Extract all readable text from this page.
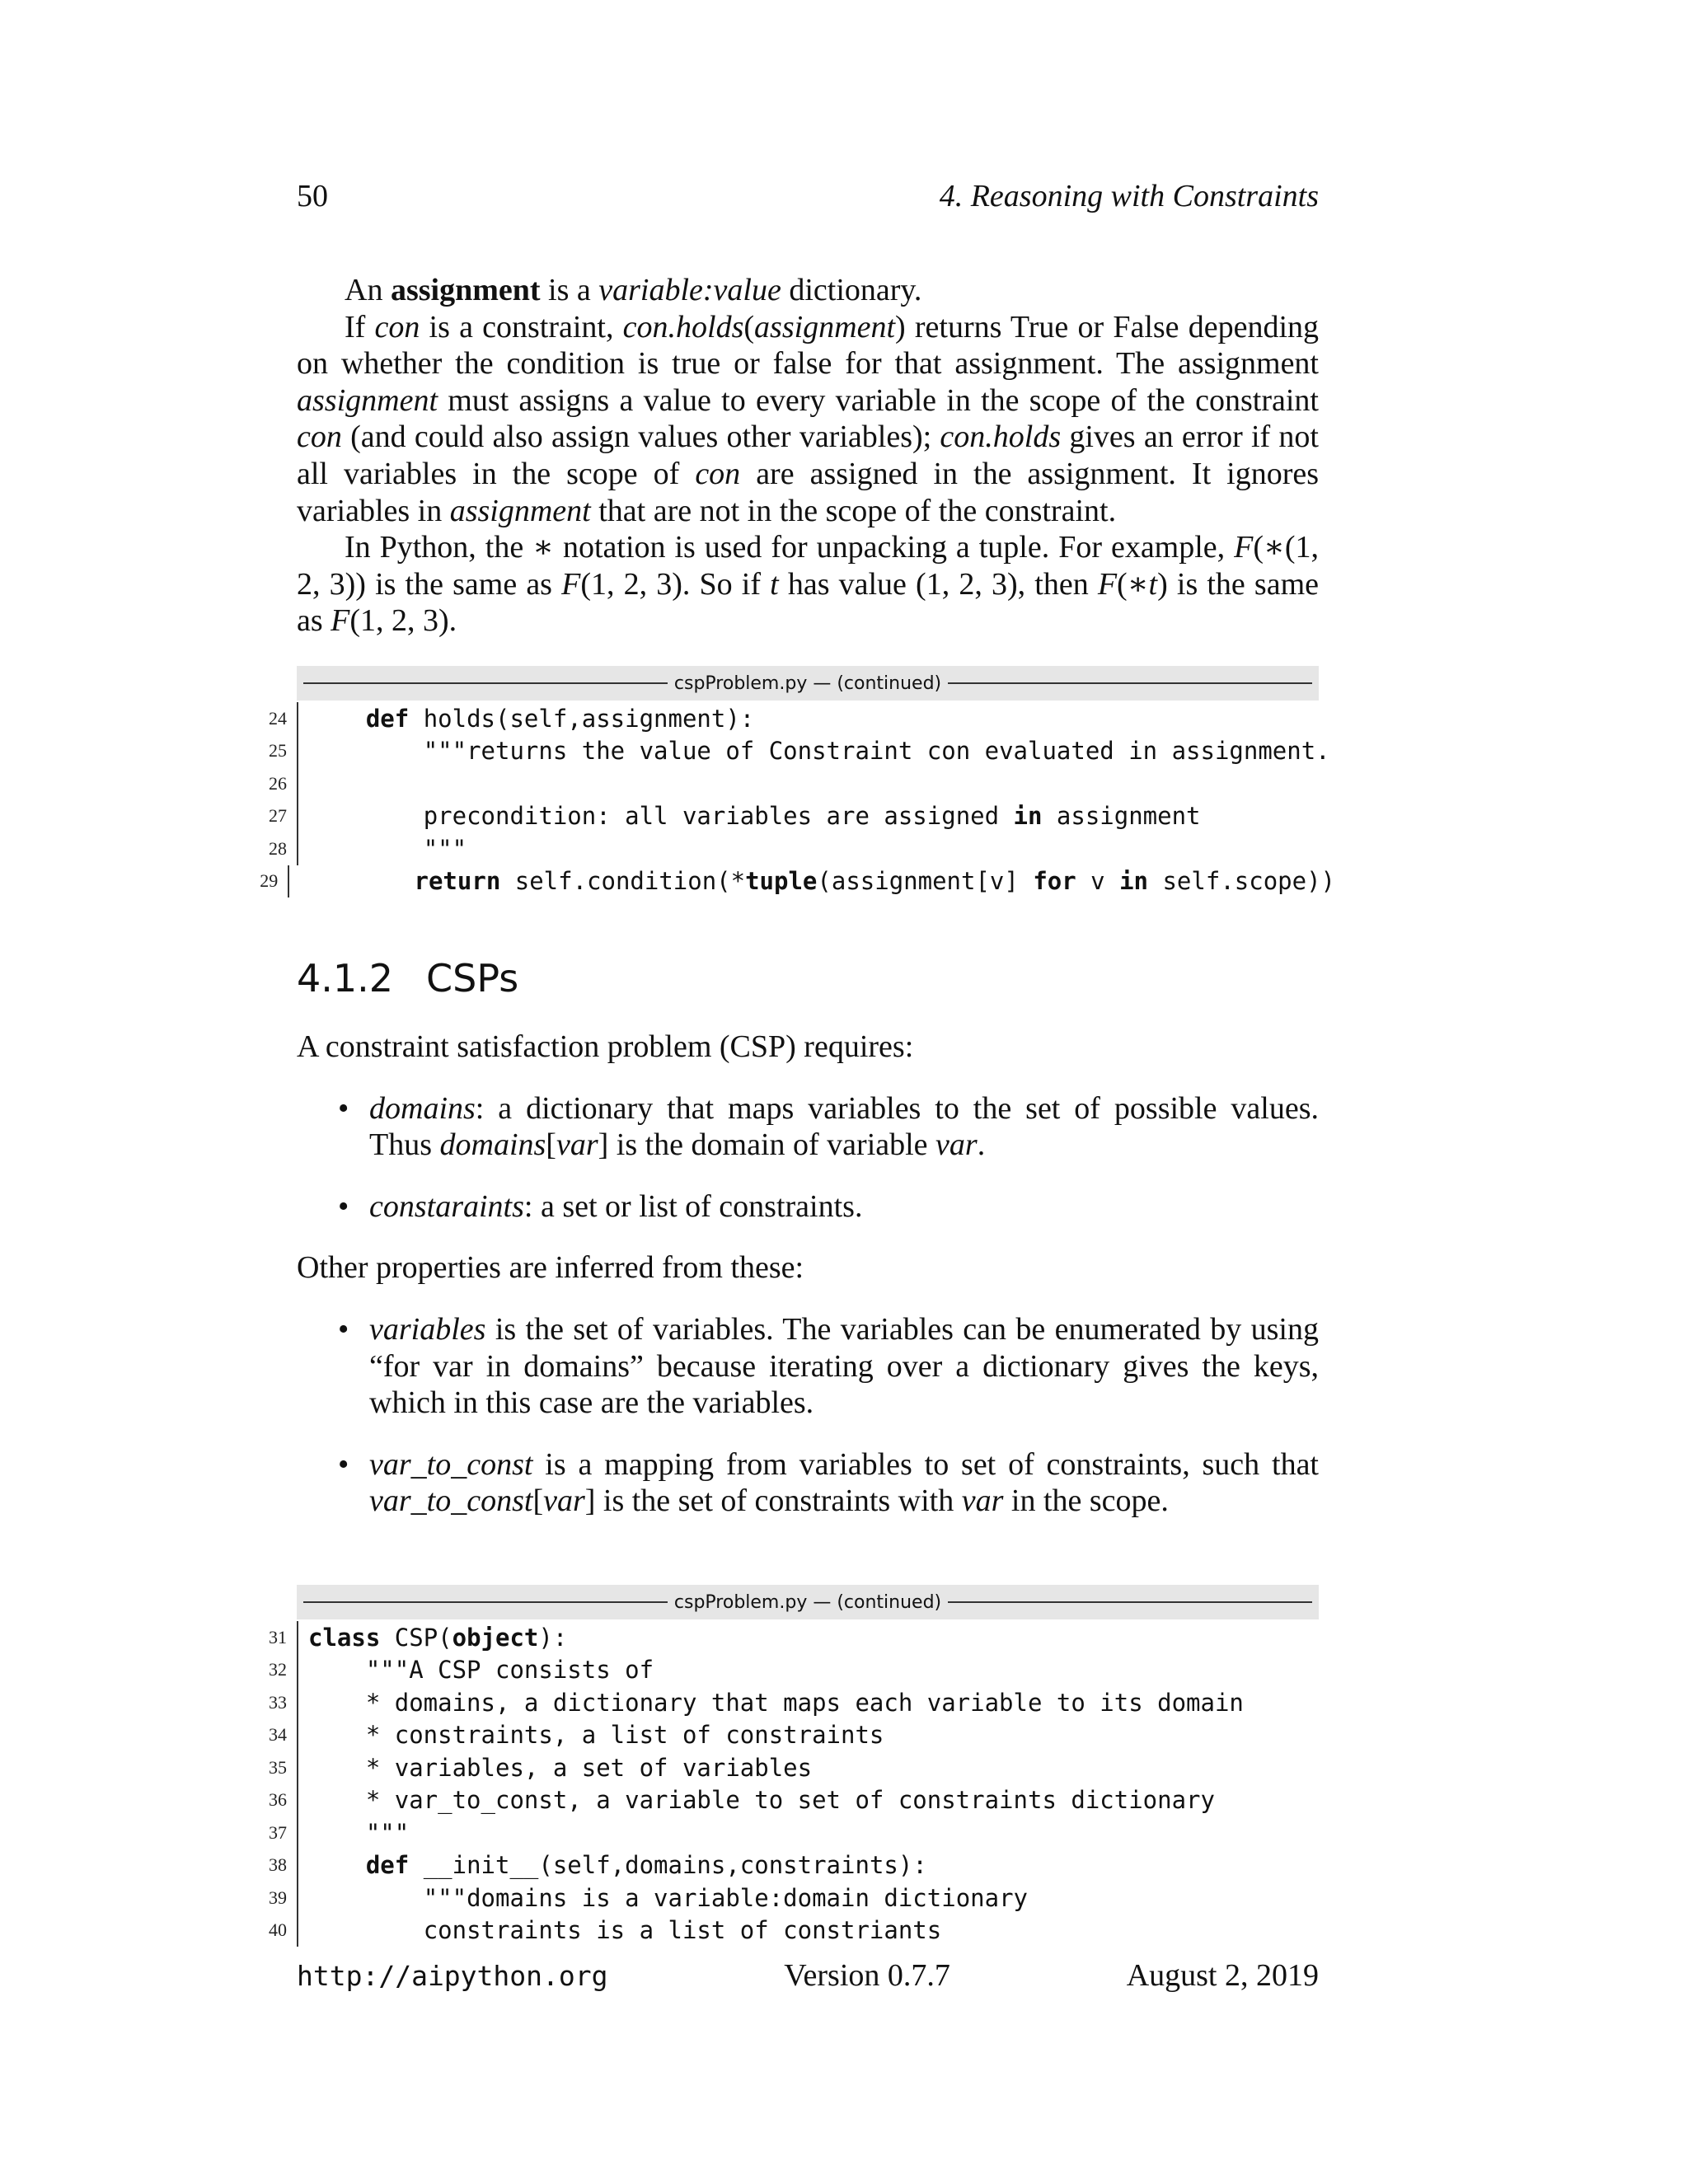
50	4. Reasoning with Constraints

An assignment is a variable:value dictionary.

If con is a constraint, con.holds(assignment) returns True or False depending on whether the condition is true or false for that assignment. The assignment assignment must assigns a value to every variable in the scope of the constraint con (and could also assign values other variables); con.holds gives an error if not all variables in the scope of con are assigned in the assignment. It ignores variables in assignment that are not in the scope of the constraint.

In Python, the ∗ notation is used for unpacking a tuple. For example, F(∗(1, 2, 3)) is the same as F(1, 2, 3). So if t has value (1, 2, 3), then F(∗t) is the same as F(1, 2, 3).

cspProblem.py — (continued)
24	def holds(self,assignment):
25	"""returns the value of Constraint con evaluated in assignment.
26
27	precondition: all variables are assigned in assignment
28	"""
29	return self.condition(*tuple(assignment[v] for v in self.scope))
4.1.2 CSPs

A constraint satisfaction problem (CSP) requires:

• domains: a dictionary that maps variables to the set of possible values. Thus domains[var] is the domain of variable var.
• constaraints: a set or list of constraints.

Other properties are inferred from these:

• variables is the set of variables. The variables can be enumerated by using “for var in domains” because iterating over a dictionary gives the keys, which in this case are the variables.
• var_to_const is a mapping from variables to set of constraints, such that var_to_const[var] is the set of constraints with var in the scope.
cspProblem.py — (continued)
31 class CSP(object):
32	"""A CSP consists of
33	* domains, a dictionary that maps each variable to its domain
34	* constraints, a list of constraints
35	* variables, a set of variables
36	* var_to_const, a variable to set of constraints dictionary
37	"""
38	def __init__(self,domains,constraints):
39	"""domains is a variable:domain dictionary
40	constraints is a list of constriants
http://aipython.org	Version 0.7.7	August 2, 2019
